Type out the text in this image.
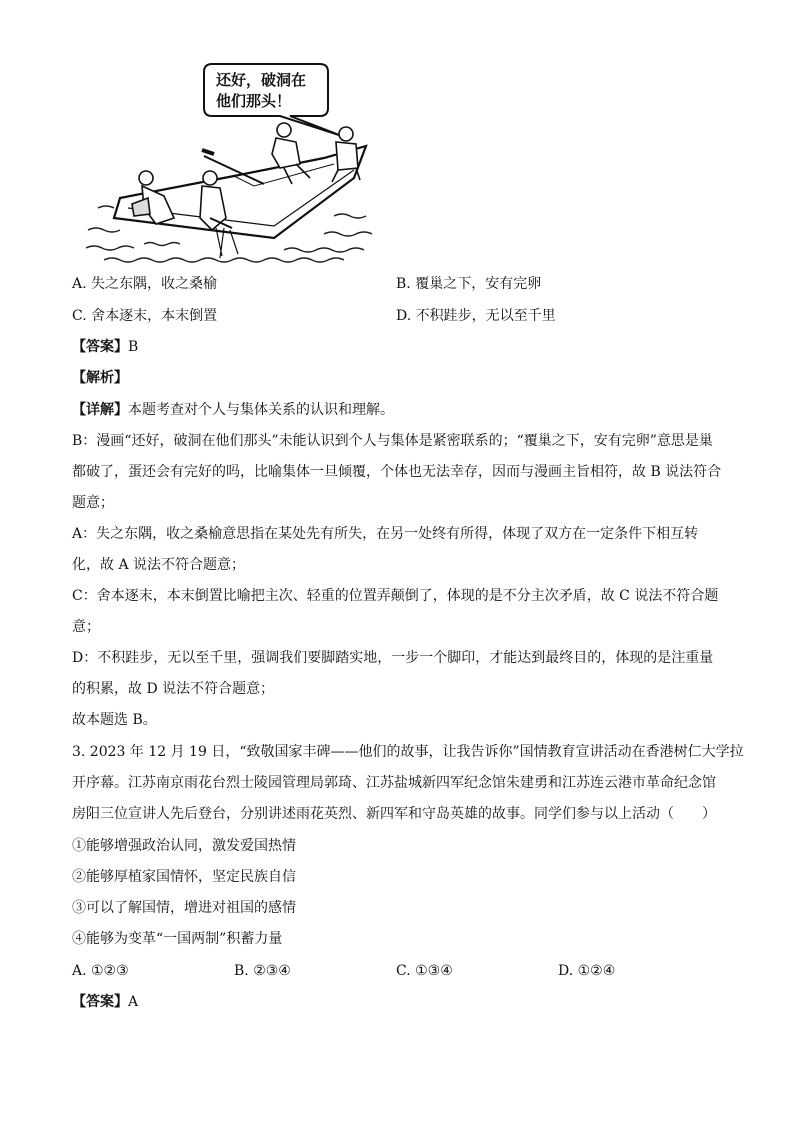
还好，破洞在
他们那头！
A. 失之东隅，收之桑榆	B. 覆巢之下，安有完卵
C. 舍本逐末，本末倒置	D. 不积跬步，无以至千里
【答案】B
【解析】
【详解】本题考查对个人与集体关系的认识和理解。
B：漫画“还好，破洞在他们那头”未能认识到个人与集体是紧密联系的；“覆巢之下，安有完卵”意思是巢
都破了，蛋还会有完好的吗，比喻集体一旦倾覆，个体也无法幸存，因而与漫画主旨相符，故 B 说法符合
题意；
A：失之东隅，收之桑榆意思指在某处先有所失，在另一处终有所得，体现了双方在一定条件下相互转
化，故 A 说法不符合题意；
C：舍本逐末，本末倒置比喻把主次、轻重的位置弄颠倒了，体现的是不分主次矛盾，故 C 说法不符合题
意；
D：不积跬步，无以至千里，强调我们要脚踏实地，一步一个脚印，才能达到最终目的，体现的是注重量
的积累，故 D 说法不符合题意；
故本题选 B。
3. 2023 年 12 月 19 日，“致敬国家丰碑——他们的故事，让我告诉你”国情教育宣讲活动在香港树仁大学拉
开序幕。江苏南京雨花台烈士陵园管理局郭琦、江苏盐城新四军纪念馆朱建勇和江苏连云港市革命纪念馆
房阳三位宣讲人先后登台，分别讲述雨花英烈、新四军和守岛英雄的故事。同学们参与以上活动（　　）
①能够增强政治认同，激发爱国热情
②能够厚植家国情怀，坚定民族自信
③可以了解国情，增进对祖国的感情
④能够为变革“一国两制”积蓄力量
A. ①②③	B. ②③④	C. ①③④	D. ①②④
【答案】A
